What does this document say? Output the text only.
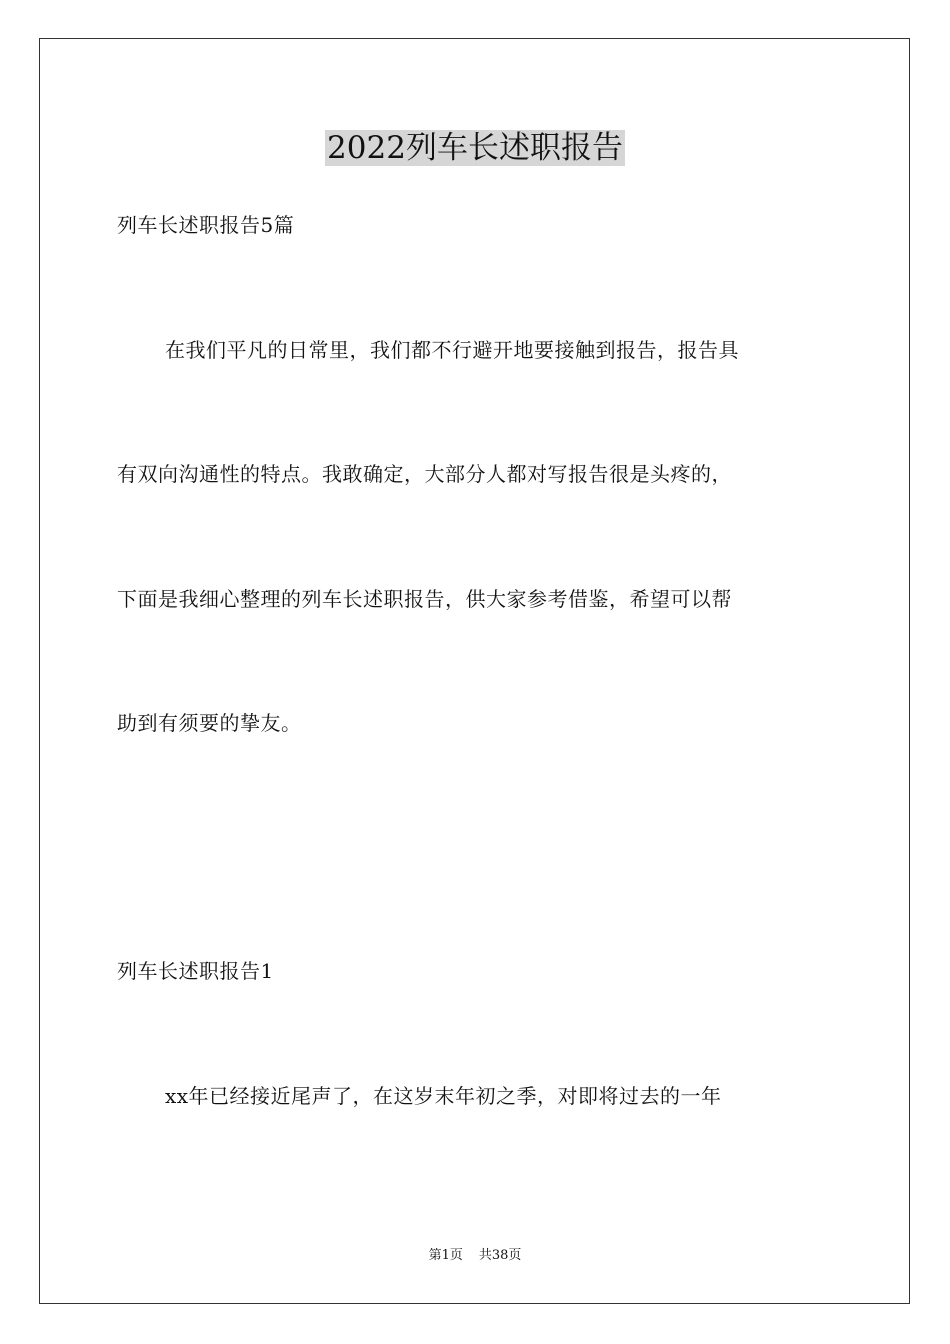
2022列车长述职报告
列车长述职报告5篇
在我们平凡的日常里，我们都不行避开地要接触到报告，报告具
有双向沟通性的特点。我敢确定，大部分人都对写报告很是头疼的，
下面是我细心整理的列车长述职报告，供大家参考借鉴，希望可以帮
助到有须要的挚友。
列车长述职报告1
xx年已经接近尾声了，在这岁末年初之季，对即将过去的一年
第1页 共38页
